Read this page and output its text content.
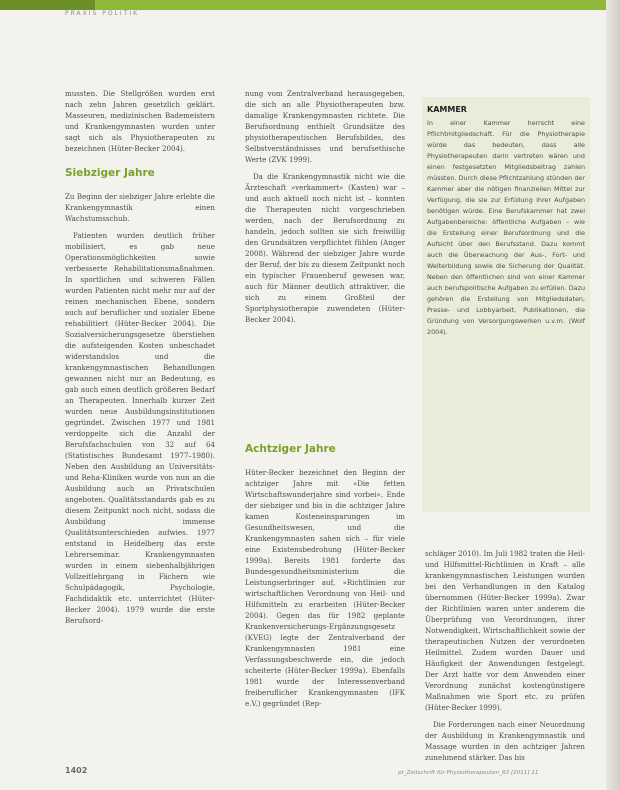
PRAXIS POLITIK

mussten. Die Stellgrößen wurden erst nach zehn Jahren gesetzlich geklärt. Masseuren, medizinischen Bademeistern und Krankengymnasten wurden unter sagt sich als Physiotherapeuten zu bezeichnen (Hüter-Becker 2004).

Siebziger Jahre

Zu Beginn der siebziger Jahre erlebte die Krankengymnastik einen Wachstumsschub.

Patienten wurden deutlich früher mobilisiert, es gab neue Operationsmöglichkeiten sowie verbesserte Rehabilitationsmaßnahmen. In sportlichen und schweren Fällen wurden Patienten nicht mehr nur auf der reinen mechanischen Ebene, sondern auch auf beruflicher und sozialer Ebene rehabilitiert (Hüter-Becker 2004). Die Sozialversicherungsgesetze überstiehen die aufsteigenden Kosten unbeschadet widerstandslos und die krankengymnastischen Behandlungen gewannen nicht nur an Bedeutung, es gab auch einen deutlich größeren Bedarf an Therapeuten. Innerhalb kurzer Zeit wurden neue Ausbildungsinstitutionen gegründet. Zwischen 1977 und 1981 verdoppelte sich die Anzahl der Berufsfachschulen von 32 auf 64 (Statistisches Bundesamt 1977–1980). Neben den Ausbildung an Universitäts- und Reha-Kliniken wurde von nun an die Ausbildung auch an Privatschulen angeboten. Qualitätsstandards gab es zu diesem Zeitpunkt noch nicht, sodass die Ausbildung immense Qualitätsunterschieden aufwies. 1977 entstand in Heidelberg das erste Lehrerseminar. Krankengymnasten wurden in einem siebenhalbjährigen Vollzeitlehrgang in Fächern wie Schulpädagogik, Psychologie, Fachdidaktik etc. unterrichtet (Hüter-Becker 2004). 1979 wurde die erste Berufsord-

nung vom Zentralverband herausgegeben, die sich an alle Physiotherapeuten bzw. damalige Krankengymnasten richtete. Die Berufsordnung enthielt Grundsätze des physiotherapeutischen Berufsbildes, des Selbstverständnisses und berufsethische Werte (ZVK 1999).

Da die Krankengymnastik nicht wie die Ärzteschaft »verkammert« (Kasten) war – und auch aktuell noch nicht ist – konnten die Therapeuten nicht vorgeschrieben werden, nach der Berufsordnung zu handeln, jedoch sollten sie sich freiwillig den Grundsätzen verpflichtet fühlen (Anger 2008). Während der siebziger Jahre wurde der Beruf, der bis zu diesem Zeitpunkt noch ein typischer Frauenberuf gewesen war, auch für Männer deutlich attraktiver, die sich zu einem Großteil der Sportphysiotherapie zuwendeten (Hüter-Becker 2004).

Achtziger Jahre

Hüter-Becker bezeichnet den Beginn der achtziger Jahre mit »Die fetten Wirtschaftswunderjahre sind vorbei«. Ende der siebziger und bis in die achtziger Jahre kamen Kosteneinsparungen im Gesundheitswesen, und die Krankengymnasten sahen sich – für viele eine Existensbedrohung (Hüter-Becker 1999a). Bereits 1981 forderte das Bundesgesundheitsministerium die Leistungserbringer auf, »Richtlinien zur wirtschaftlichen Verordnung von Heil- und Hilfsmitteln zu erarbeiten (Hüter-Becker 2004). Gegen das für 1982 geplante Krankenversicherungs-Ergänzungsgesetz (KVEG) legte der Zentralverband der Krankengymnasten 1981 eine Verfassungsbeschwerde ein, die jedoch scheiterte (Hüter-Becker 1999a). Ebenfalls 1981 wurde der Interessenverband freiberuflicher Krankengymnasten (IFK e.V.) gegründet (Rep-

KAMMER
In einer Kammer herrscht eine Pflichtmitgliedschaft. Für die Physiotherapie würde das bedeuten, dass alle Physiotherapeuten darin vertreten wären und einen festgesetzten Mitgliedsbeitrag zahlen müssten. Durch diese Pflichtzahlung stünden der Kammer aber die nötigen finanziellen Mittel zur Verfügung, die sie zur Erfüllung ihrer Aufgaben benötigen würde. Eine Berufskammer hat zwei Aufgabenbereiche: öffentliche Aufgaben – wie die Erstellung einer Berufsordnung und die Aufsicht über den Berufsstand. Dazu kommt auch die Überwachung der Aus-, Fort- und Weiterbildung sowie die Sicherung der Qualität. Neben den öffentlichen sind von einer Kammer auch berufspolitische Aufgaben zu erfüllen. Dazu gehören die Erstellung von Mitgliedsdaten, Presse- und Lobbyarbeit, Publikationen, die Gründung von Versorgungswerken u.v.m. (Wolf 2004).

schläger 2010). Im Juli 1982 traten die Heil- und Hilfsmittel-Richtlinien in Kraft – alle krankengymnastischen Leistungen wurden bei den Verhandlungen in den Katalog übernommen (Hüter-Becker 1999a). Zwar der Richtlinien waren unter anderem die Überprüfung von Verordnungen, ihrer Notwendigkeit, Wirtschaftlichkeit sowie der therapeutischen Nutzen der verordneten Heilmittel. Zudem wurden Dauer und Häufigkeit der Anwendungen festgelegt. Der Arzt hatte vor dem Anwenden einer Verordnung zunächst kostengünstigere Maßnahmen wie Sport etc. zu prüfen (Hüter-Becker 1999).

Die Forderungen nach einer Neuordnung der Ausbildung in Krankengymnastik und Massage wurden in den achtziger Jahren zunehmend stärker. Das bis

1402	pt_Zeitschrift für Physiotherapeuten_63 [2011] 11
